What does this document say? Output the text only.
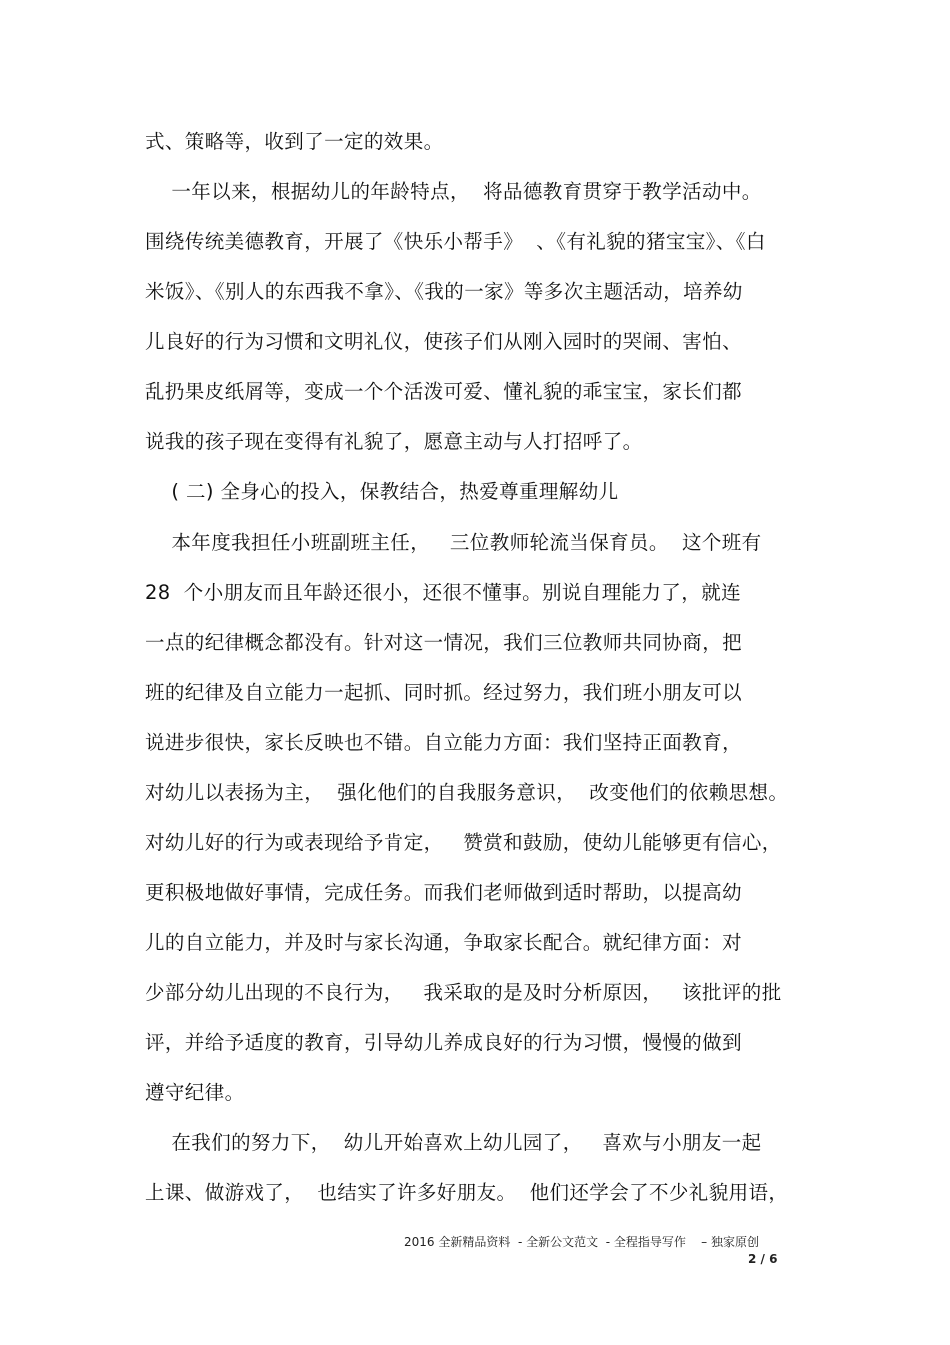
式、策略等，收到了一定的效果。
一年以来，根据幼儿的年龄特点，  将品德教育贯穿于教学活动中。
围绕传统美德教育，开展了《快乐小帮手》  、《有礼貌的猪宝宝》、《白
米饭》、《别人的东西我不拿》、《我的一家》等多次主题活动，培养幼
儿良好的行为习惯和文明礼仪，使孩子们从刚入园时的哭闹、害怕、
乱扔果皮纸屑等，变成一个个活泼可爱、懂礼貌的乖宝宝，家长们都
说我的孩子现在变得有礼貌了，愿意主动与人打招呼了。
( 二) 全身心的投入，保教结合，热爱尊重理解幼儿
本年度我担任小班副班主任，   三位教师轮流当保育员。  这个班有
28  个小朋友而且年龄还很小，还很不懂事。别说自理能力了，就连
一点的纪律概念都没有。针对这一情况，我们三位教师共同协商，把
班的纪律及自立能力一起抓、同时抓。经过努力，我们班小朋友可以
说进步很快，家长反映也不错。自立能力方面：我们坚持正面教育，
对幼儿以表扬为主，  强化他们的自我服务意识，  改变他们的依赖思想。
对幼儿好的行为或表现给予肯定，   赞赏和鼓励，使幼儿能够更有信心，
更积极地做好事情，完成任务。而我们老师做到适时帮助，以提高幼
儿的自立能力，并及时与家长沟通，争取家长配合。就纪律方面：对
少部分幼儿出现的不良行为，   我采取的是及时分析原因，   该批评的批
评，并给予适度的教育，引导幼儿养成良好的行为习惯，慢慢的做到
遵守纪律。
在我们的努力下，  幼儿开始喜欢上幼儿园了，   喜欢与小朋友一起
上课、做游戏了，  也结实了许多好朋友。  他们还学会了不少礼貌用语，
2016 全新精品资料  - 全新公文范文  - 全程指导写作    – 独家原创
2 / 6
